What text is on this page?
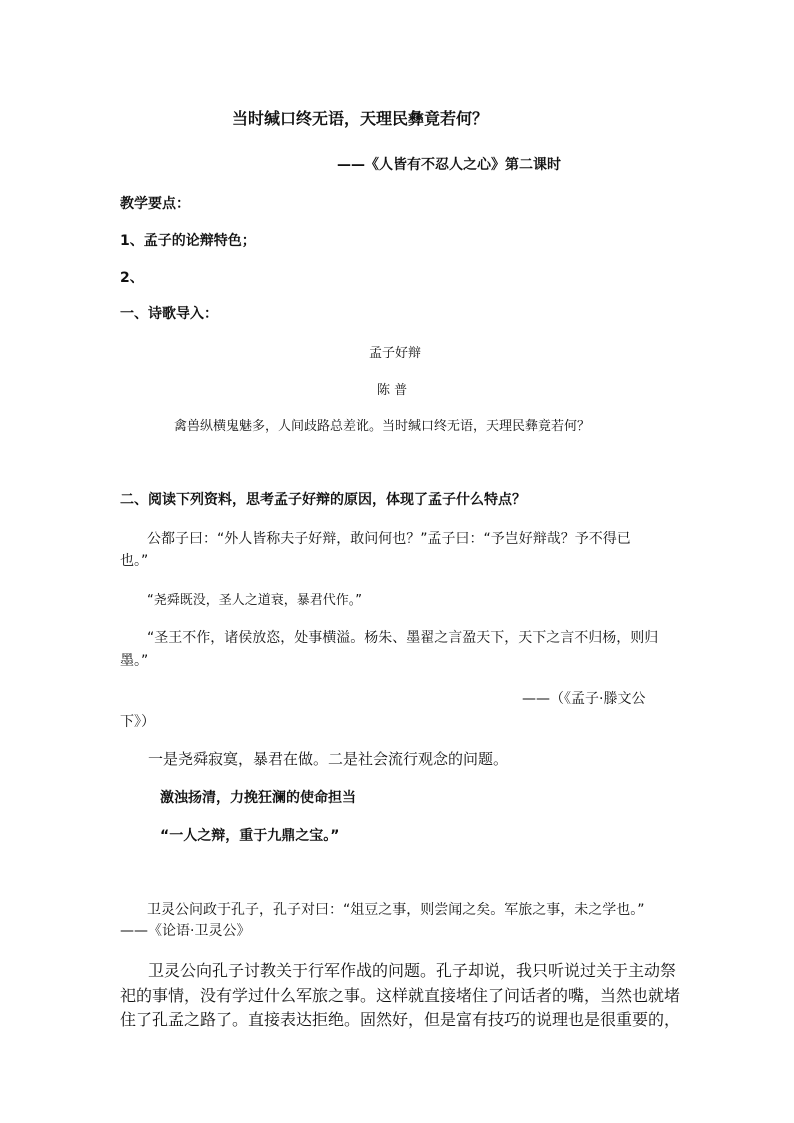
当时缄口终无语，天理民彝竟若何？
——《人皆有不忍人之心》第二课时
教学要点：
1、孟子的论辩特色；
2、
一、诗歌导入：
孟子好辩
陈 普
禽兽纵横鬼魅多，人间歧路总差讹。当时缄口终无语，天理民彝竟若何？
二、阅读下列资料，思考孟子好辩的原因，体现了孟子什么特点？
公都子曰：“外人皆称夫子好辩，敢问何也？”孟子曰：“予岂好辩哉？予不得已
也。”
“尧舜既没，圣人之道衰，暴君代作。”
“圣王不作，诸侯放恣，处事横溢。杨朱、墨翟之言盈天下，天下之言不归杨，则归
墨。”
——（《孟子·滕文公
下》）
一是尧舜寂寞，暴君在做。二是社会流行观念的问题。
激浊扬清，力挽狂澜的使命担当
“一人之辩，重于九鼎之宝。”
卫灵公问政于孔子，孔子对曰：“俎豆之事，则尝闻之矣。军旅之事，未之学也。”
——《论语·卫灵公》
卫灵公向孔子讨教关于行军作战的问题。孔子却说，我只听说过关于主动祭
祀的事情，没有学过什么军旅之事。这样就直接堵住了问话者的嘴，当然也就堵
住了孔孟之路了。直接表达拒绝。固然好，但是富有技巧的说理也是很重要的，
